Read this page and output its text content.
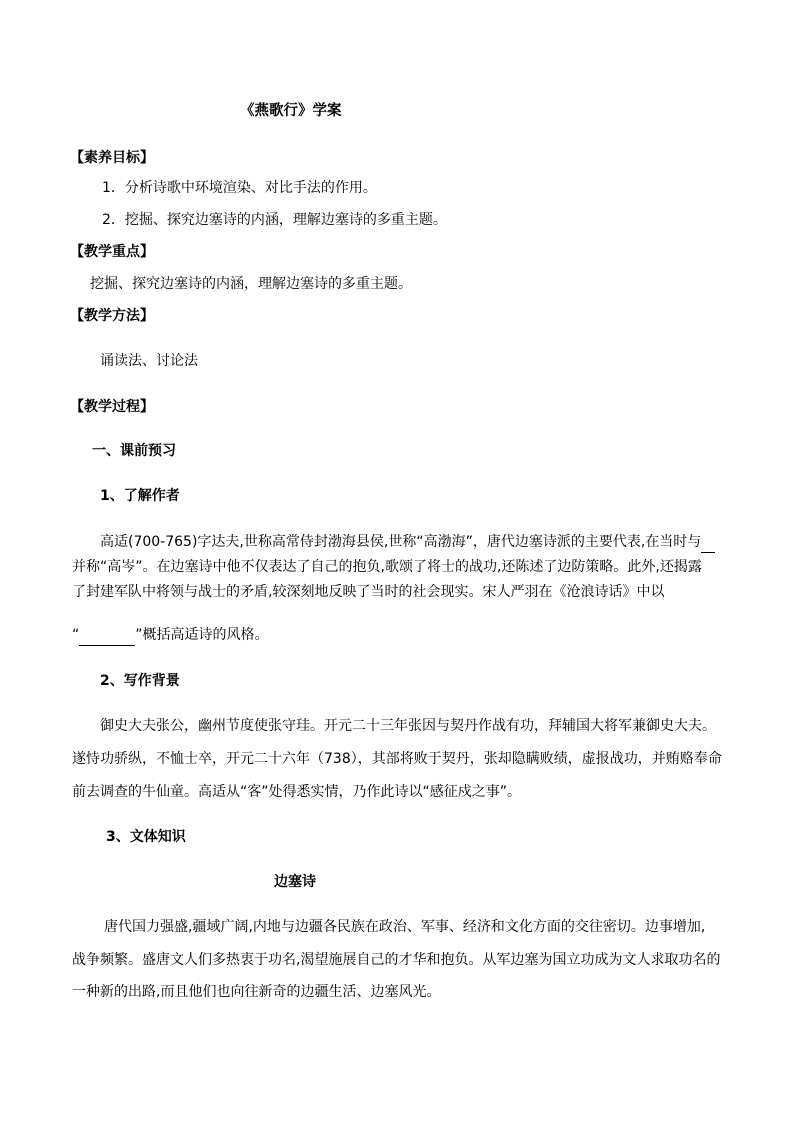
《燕歌行》学案
【素养目标】
1．分析诗歌中环境渲染、对比手法的作用。
2．挖掘、探究边塞诗的内涵，理解边塞诗的多重主题。
【教学重点】
挖掘、探究边塞诗的内涵，理解边塞诗的多重主题。
【教学方法】
诵读法、讨论法
【教学过程】
一、课前预习
1、了解作者
高适(700-765)字达夫,世称高常侍封渤海县侯,世称“高渤海”，唐代边塞诗派的主要代表,在当时与
并称“高岑”。在边塞诗中他不仅表达了自己的抱负,歌颂了将士的战功,还陈述了边防策略。此外,还揭露
了封建军队中将领与战士的矛盾,较深刻地反映了当时的社会现实。宋人严羽在《沧浪诗话》中以
“	”概括高适诗的风格。
2、写作背景
御史大夫张公，幽州节度使张守珪。开元二十三年张因与契丹作战有功，拜辅国大将军兼御史大夫。
遂恃功骄纵，不恤士卒，开元二十六年（738），其部将败于契丹，张却隐瞒败绩，虚报战功，并贿赂奉命
前去调查的牛仙童。高适从“客”处得悉实情，乃作此诗以“感征戍之事”。
3、文体知识
边塞诗
唐代国力强盛,疆域广阔,内地与边疆各民族在政治、军事、经济和文化方面的交往密切。边事增加,
战争频繁。盛唐文人们多热衷于功名,渴望施展自己的才华和抱负。从军边塞为国立功成为文人求取功名的
一种新的出路,而且他们也向往新奇的边疆生活、边塞风光。
